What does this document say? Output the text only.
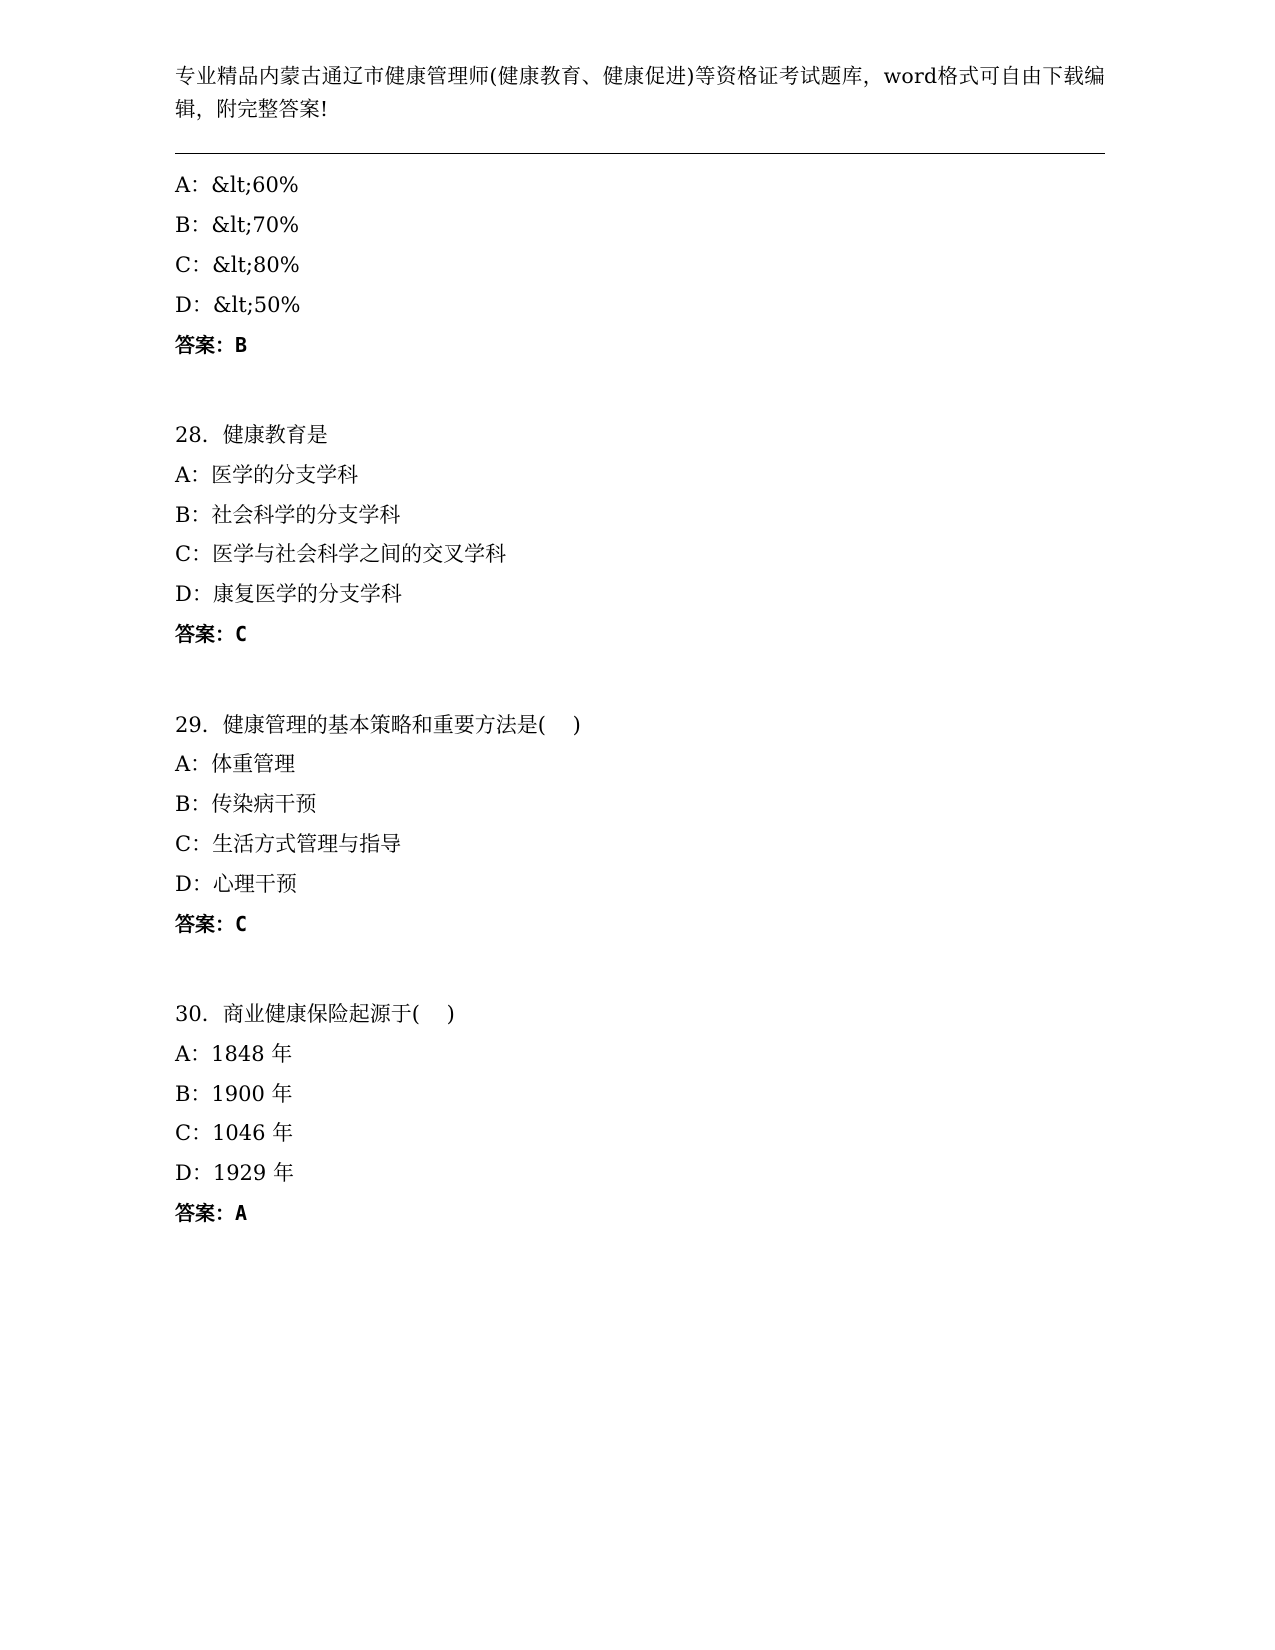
专业精品内蒙古通辽市健康管理师(健康教育、健康促进)等资格证考试题库，word格式可自由下载编辑，附完整答案!
A：&lt;60%
B：&lt;70%
C：&lt;80%
D：&lt;50%
答案：B
28．健康教育是
A：医学的分支学科
B：社会科学的分支学科
C：医学与社会科学之间的交叉学科
D：康复医学的分支学科
答案：C
29．健康管理的基本策略和重要方法是(    )
A：体重管理
B：传染病干预
C：生活方式管理与指导
D：心理干预
答案：C
30．商业健康保险起源于(    )
A：1848 年
B：1900 年
C：1046 年
D：1929 年
答案：A
